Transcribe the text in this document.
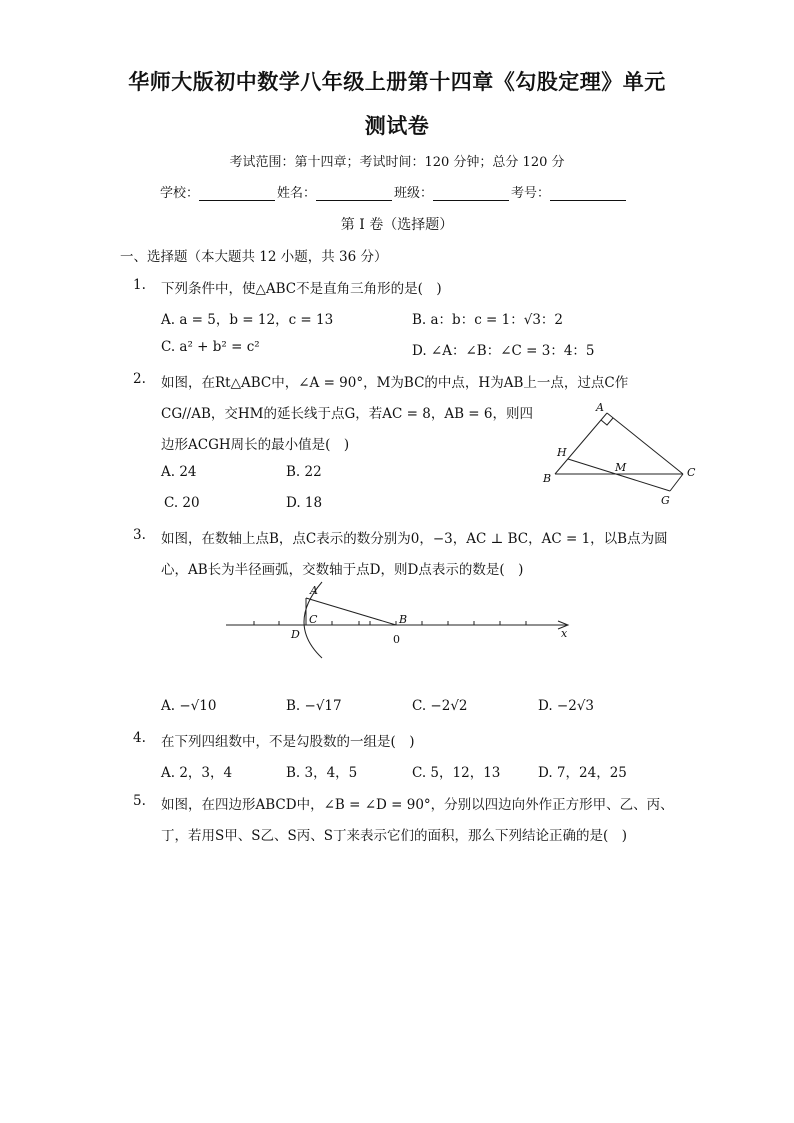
华师大版初中数学八年级上册第十四章《勾股定理》单元
测试卷
考试范围：第十四章；考试时间：120 分钟；总分 120 分
学校：	姓名：	班级：	考号：
第 I 卷（选择题）
一、选择题（本大题共 12 小题，共 36 分）
1. 下列条件中，使△ABC不是直角三角形的是(　)
A. a = 5，b = 12，c = 13	B. a：b：c = 1：√3：2
C. a² + b² = c²	D. ∠A：∠B：∠C = 3：4：5
2. 如图，在Rt△ABC中，∠A = 90°，M为BC的中点，H为AB上一点，过点C作
CG//AB，交HM的延长线于点G，若AC = 8，AB = 6，则四
边形ACGH周长的最小值是(　)
A. 24	B. 22
C. 20	D. 18
A
H
M	C
B
G
3. 如图，在数轴上点B，点C表示的数分别为0，−3，AC ⊥ BC，AC = 1，以B点为圆
心，AB长为半径画弧，交数轴于点D，则D点表示的数是(　)
A
C	B
D	0	x
A. −√10	B. −√17	C. −2√2	D. −2√3
4. 在下列四组数中，不是勾股数的一组是(　)
A. 2，3，4	B. 3，4，5	C. 5，12，13	D. 7，24，25
5. 如图，在四边形ABCD中，∠B = ∠D = 90°，分别以四边向外作正方形甲、乙、丙、
丁，若用S甲、S乙、S丙、S丁来表示它们的面积，那么下列结论正确的是(　)
